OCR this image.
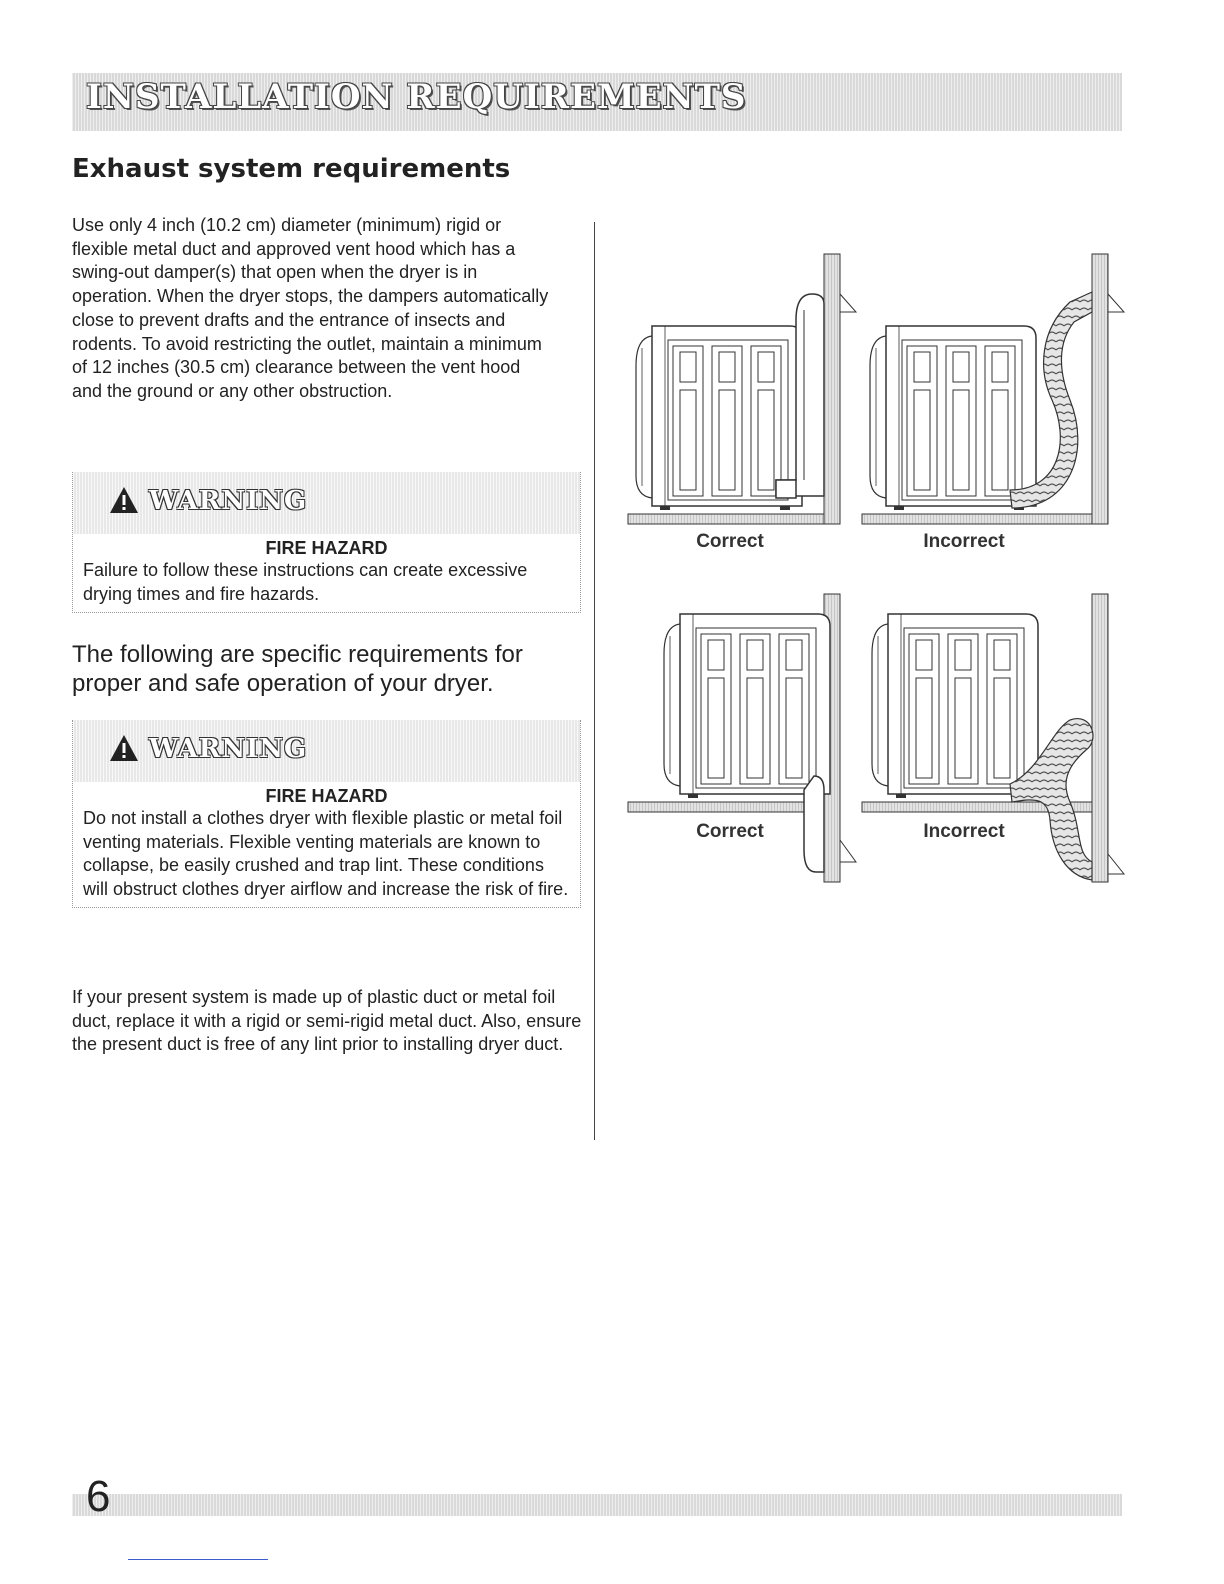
INSTALLATION REQUIREMENTS
Exhaust system requirements
Use only 4 inch (10.2 cm) diameter (minimum) rigid or flexible metal duct and approved vent hood which has a swing-out damper(s) that open when the dryer is in operation. When the dryer stops, the dampers automatically close to prevent drafts and the entrance of insects and rodents. To avoid restricting the outlet, maintain a minimum of 12 inches (30.5 cm) clearance between the vent hood and the ground or any other obstruction.
WARNING
FIRE HAZARD
Failure to follow these instructions can create excessive drying times and fire hazards.
The following are specific requirements for proper and safe operation of your dryer.
WARNING
FIRE HAZARD
Do not install a clothes dryer with flexible plastic or metal foil venting materials. Flexible venting materials are known to collapse, be easily crushed and trap lint. These conditions will obstruct clothes dryer airflow and increase the risk of fire.
If your present system is made up of plastic duct or metal foil duct, replace it with a rigid or semi-rigid metal duct. Also, ensure the present duct is free of any lint prior to installing dryer duct.
Correct	Incorrect
Correct	Incorrect
6
